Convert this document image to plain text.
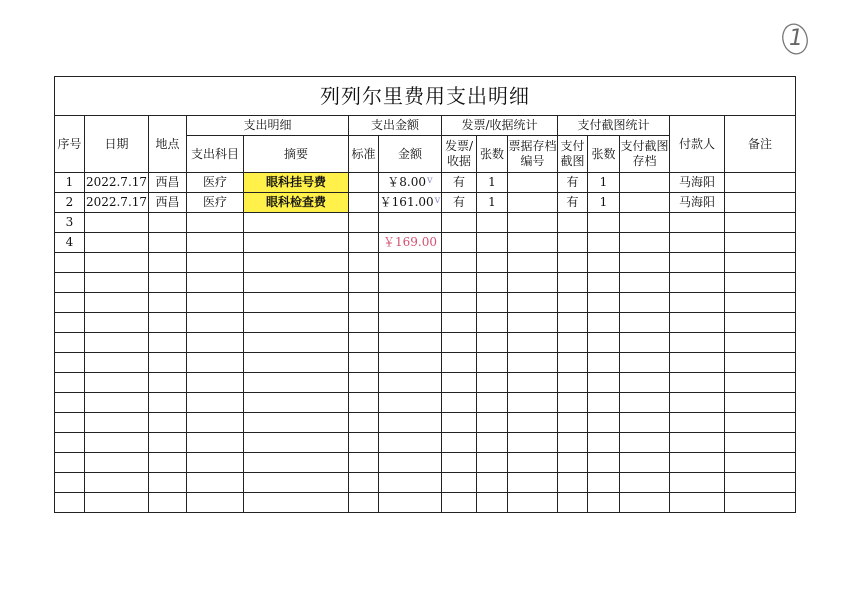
1
列列尔里费用支出明细														
序号	日期	地点	支出明细		支出金额		发票/收据统计			支付截图统计			付款人	备注
			支出科目	摘要	标准	金额	发票/收据	张数	票据存档编号	支付截图	张数	支付截图存档		
1	2022.7.17	西昌	医疗	眼科挂号费		￥8.00$^v$	有	1		有	1		马海阳	
2	2022.7.17	西昌	医疗	眼科检查费		￥161.00$^v$	有	1		有	1		马海阳	
3														
4						￥169.00								
